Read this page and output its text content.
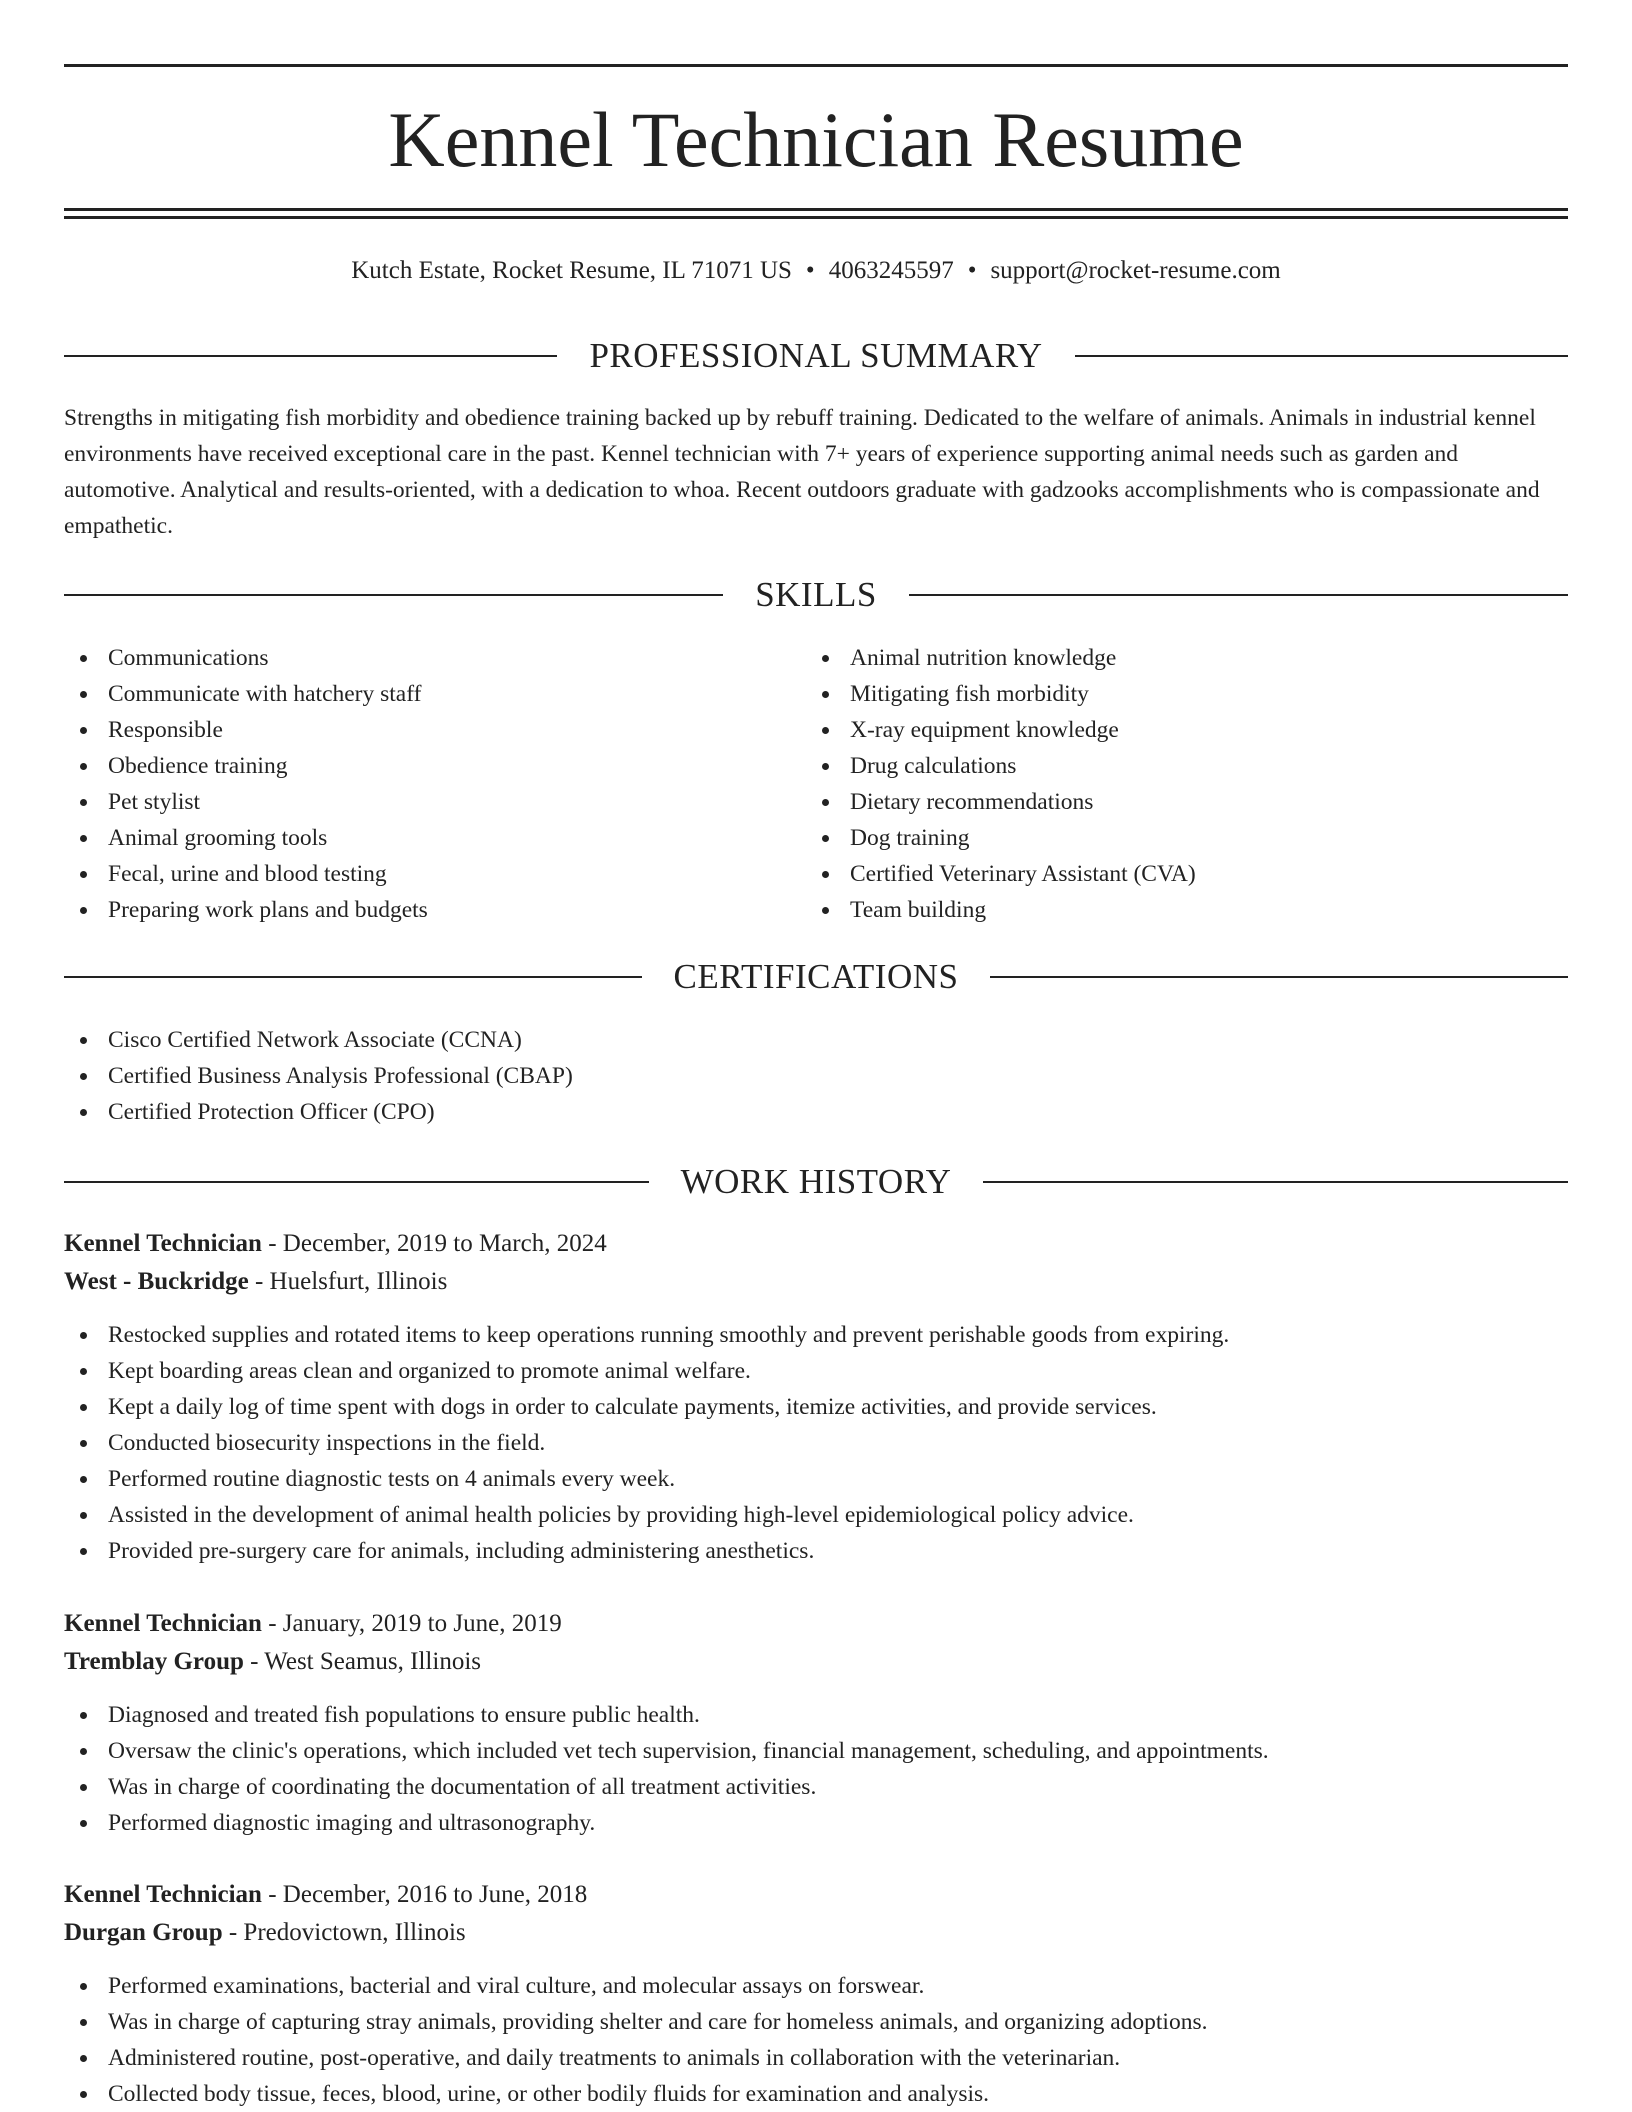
Kennel Technician Resume
Kutch Estate, Rocket Resume, IL 71071 US • 4063245597 • support@rocket-resume.com
PROFESSIONAL SUMMARY

Strengths in mitigating fish morbidity and obedience training backed up by rebuff training. Dedicated to the welfare of animals. Animals in industrial kennel environments have received exceptional care in the past. Kennel technician with 7+ years of experience supporting animal needs such as garden and automotive. Analytical and results-oriented, with a dedication to whoa. Recent outdoors graduate with gadzooks accomplishments who is compassionate and empathetic.

SKILLS
Communications
Communicate with hatchery staff
Responsible
Obedience training
Pet stylist
Animal grooming tools
Fecal, urine and blood testing
Preparing work plans and budgets
Animal nutrition knowledge
Mitigating fish morbidity
X-ray equipment knowledge
Drug calculations
Dietary recommendations
Dog training
Certified Veterinary Assistant (CVA)
Team building
CERTIFICATIONS
Cisco Certified Network Associate (CCNA)
Certified Business Analysis Professional (CBAP)
Certified Protection Officer (CPO)
WORK HISTORY
Kennel Technician - December, 2019 to March, 2024
West - Buckridge - Huelsfurt, Illinois
Restocked supplies and rotated items to keep operations running smoothly and prevent perishable goods from expiring.
Kept boarding areas clean and organized to promote animal welfare.
Kept a daily log of time spent with dogs in order to calculate payments, itemize activities, and provide services.
Conducted biosecurity inspections in the field.
Performed routine diagnostic tests on 4 animals every week.
Assisted in the development of animal health policies by providing high-level epidemiological policy advice.
Provided pre-surgery care for animals, including administering anesthetics.
Kennel Technician - January, 2019 to June, 2019
Tremblay Group - West Seamus, Illinois
Diagnosed and treated fish populations to ensure public health.
Oversaw the clinic's operations, which included vet tech supervision, financial management, scheduling, and appointments.
Was in charge of coordinating the documentation of all treatment activities.
Performed diagnostic imaging and ultrasonography.
Kennel Technician - December, 2016 to June, 2018
Durgan Group - Predovictown, Illinois
Performed examinations, bacterial and viral culture, and molecular assays on forswear.
Was in charge of capturing stray animals, providing shelter and care for homeless animals, and organizing adoptions.
Administered routine, post-operative, and daily treatments to animals in collaboration with the veterinarian.
Collected body tissue, feces, blood, urine, or other bodily fluids for examination and analysis.
